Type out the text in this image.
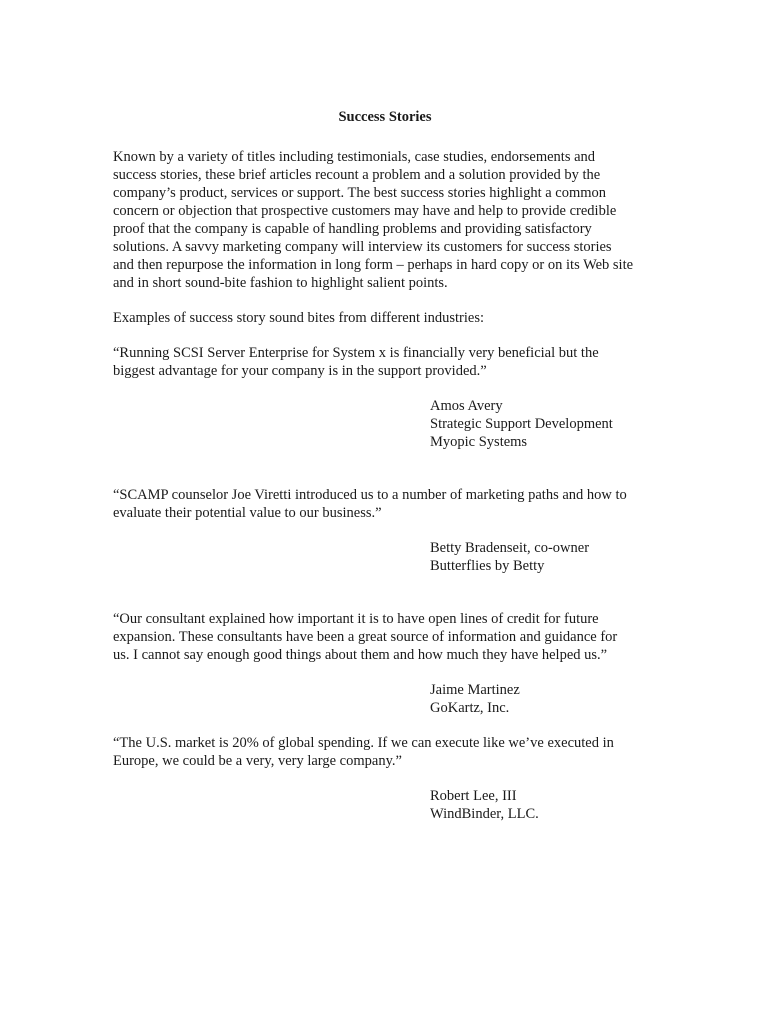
Success Stories

Known by a variety of titles including testimonials, case studies, endorsements and
success stories, these brief articles recount a problem and a solution provided by the
company’s product, services or support. The best success stories highlight a common
concern or objection that prospective customers may have and help to provide credible
proof that the company is capable of handling problems and providing satisfactory
solutions. A savvy marketing company will interview its customers for success stories
and then repurpose the information in long form – perhaps in hard copy or on its Web site
and in short sound-bite fashion to highlight salient points.

Examples of success story sound bites from different industries:

“Running SCSI Server Enterprise for System x is financially very beneficial but the
biggest advantage for your company is in the support provided.”

Amos Avery
Strategic Support Development
Myopic Systems

“SCAMP counselor Joe Viretti introduced us to a number of marketing paths and how to
evaluate their potential value to our business.”

Betty Bradenseit, co-owner
Butterflies by Betty

“Our consultant explained how important it is to have open lines of credit for future
expansion. These consultants have been a great source of information and guidance for
us. I cannot say enough good things about them and how much they have helped us.”

Jaime Martinez
GoKartz, Inc.

“The U.S. market is 20% of global spending. If we can execute like we’ve executed in
Europe, we could be a very, very large company.”

Robert Lee, III
WindBinder, LLC.
